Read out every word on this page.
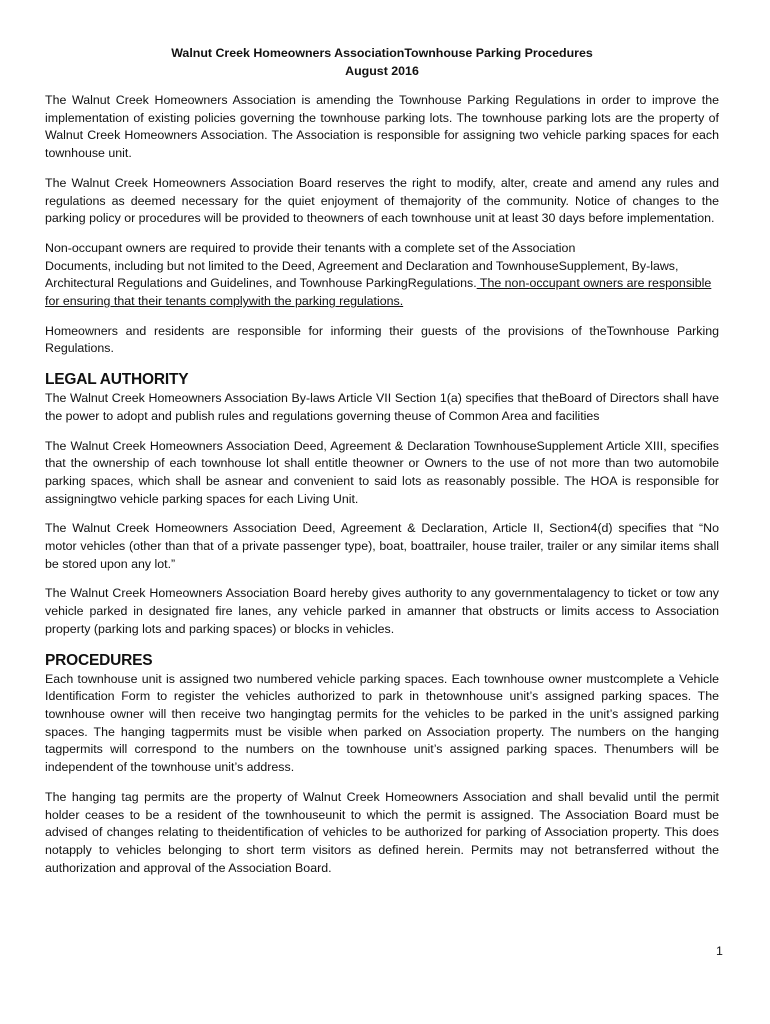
Walnut Creek Homeowners AssociationTownhouse Parking Procedures
August 2016

The Walnut Creek Homeowners Association is amending the Townhouse Parking Regulations in order to improve the implementation of existing policies governing the townhouse parking lots. The townhouse parking lots are the property of Walnut Creek Homeowners Association. The Association is responsible for assigning two vehicle parking spaces for each townhouse unit.

The Walnut Creek Homeowners Association Board reserves the right to modify, alter, create and amend any rules and regulations as deemed necessary for the quiet enjoyment of themajority of the community. Notice of changes to the parking policy or procedures will be provided to theowners of each townhouse unit at least 30 days before implementation.

Non-occupant owners are required to provide their tenants with a complete set of the Association
Documents, including but not limited to the Deed, Agreement and Declaration and TownhouseSupplement, By-laws, Architectural Regulations and Guidelines, and Townhouse ParkingRegulations. The non-occupant owners are responsible for ensuring that their tenants complywith the parking regulations.

Homeowners and residents are responsible for informing their guests of the provisions of theTownhouse Parking Regulations.

LEGAL AUTHORITY

The Walnut Creek Homeowners Association By-laws Article VII Section 1(a) specifies that theBoard of Directors shall have the power to adopt and publish rules and regulations governing theuse of Common Area and facilities

The Walnut Creek Homeowners Association Deed, Agreement & Declaration TownhouseSupplement Article XIII, specifies that the ownership of each townhouse lot shall entitle theowner or Owners to the use of not more than two automobile parking spaces, which shall be asnear and convenient to said lots as reasonably possible. The HOA is responsible for assigningtwo vehicle parking spaces for each Living Unit.

The Walnut Creek Homeowners Association Deed, Agreement & Declaration, Article II, Section4(d) specifies that “No motor vehicles (other than that of a private passenger type), boat, boattrailer, house trailer, trailer or any similar items shall be stored upon any lot.”

The Walnut Creek Homeowners Association Board hereby gives authority to any governmentalagency to ticket or tow any vehicle parked in designated fire lanes, any vehicle parked in amanner that obstructs or limits access to Association property (parking lots and parking spaces) or blocks in vehicles.

PROCEDURES

Each townhouse unit is assigned two numbered vehicle parking spaces. Each townhouse owner mustcomplete a Vehicle Identification Form to register the vehicles authorized to park in thetownhouse unit’s assigned parking spaces. The townhouse owner will then receive two hangingtag permits for the vehicles to be parked in the unit’s assigned parking spaces. The hanging tagpermits must be visible when parked on Association property. The numbers on the hanging tagpermits will correspond to the numbers on the townhouse unit’s assigned parking spaces. Thenumbers will be independent of the townhouse unit’s address.

The hanging tag permits are the property of Walnut Creek Homeowners Association and shall bevalid until the permit holder ceases to be a resident of the townhouseunit to which the permit is assigned. The Association Board must be advised of changes relating to theidentification of vehicles to be authorized for parking of Association property. This does notapply to vehicles belonging to short term visitors as defined herein. Permits may not betransferred without the authorization and approval of the Association Board.

1
